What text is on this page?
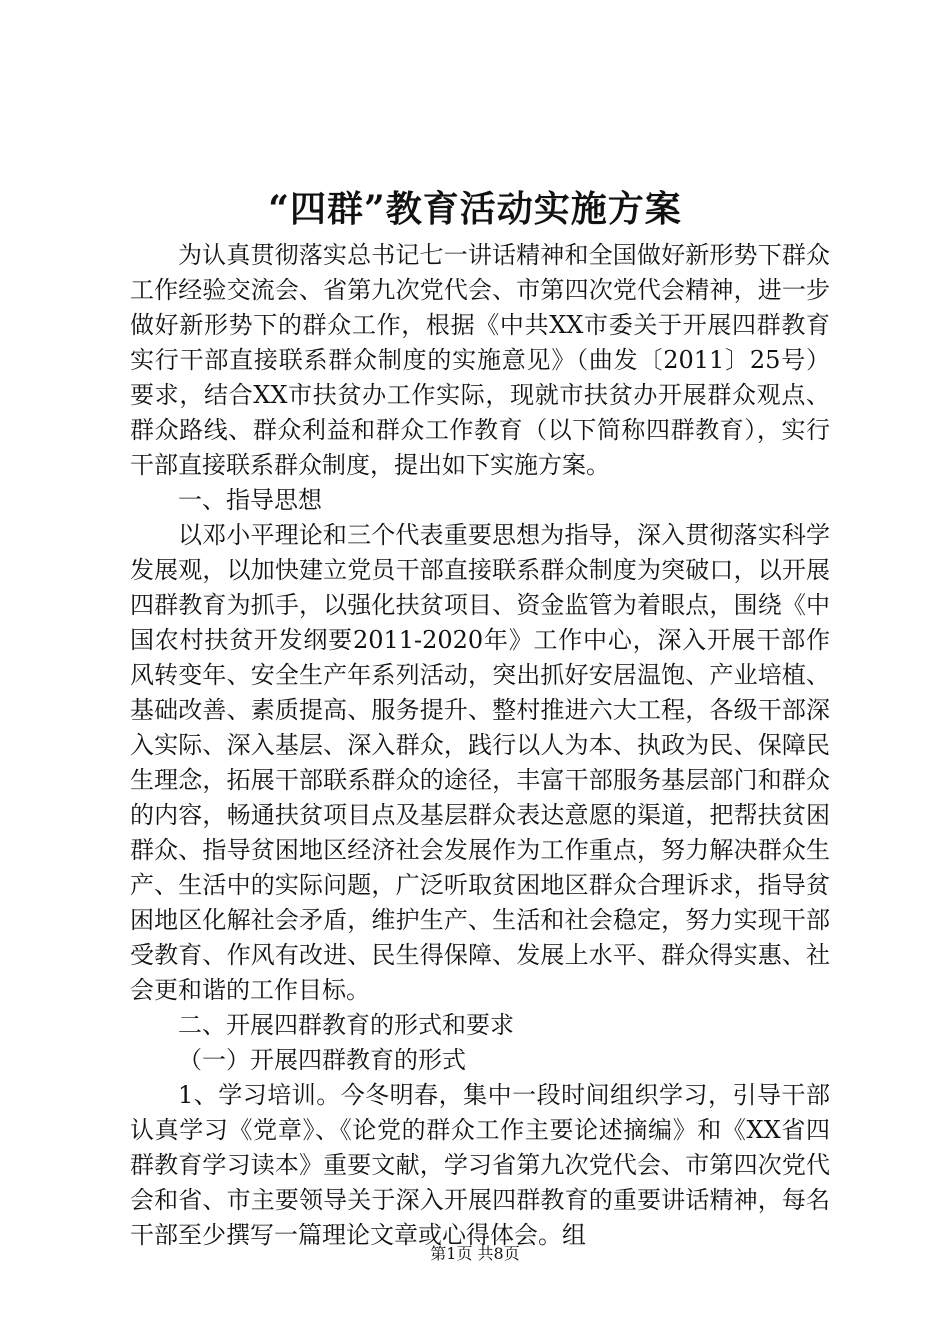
“四群”教育活动实施方案

为认真贯彻落实总书记七一讲话精神和全国做好新形势下群众工作经验交流会、省第九次党代会、市第四次党代会精神，进一步做好新形势下的群众工作，根据《中共XX市委关于开展四群教育实行干部直接联系群众制度的实施意见》（曲发〔2011〕25号）要求，结合XX市扶贫办工作实际，现就市扶贫办开展群众观点、群众路线、群众利益和群众工作教育（以下简称四群教育），实行干部直接联系群众制度，提出如下实施方案。

一、指导思想

以邓小平理论和三个代表重要思想为指导，深入贯彻落实科学发展观，以加快建立党员干部直接联系群众制度为突破口，以开展四群教育为抓手，以强化扶贫项目、资金监管为着眼点，围绕《中国农村扶贫开发纲要2011-2020年》工作中心，深入开展干部作风转变年、安全生产年系列活动，突出抓好安居温饱、产业培植、基础改善、素质提高、服务提升、整村推进六大工程，各级干部深入实际、深入基层、深入群众，践行以人为本、执政为民、保障民生理念，拓展干部联系群众的途径，丰富干部服务基层部门和群众的内容，畅通扶贫项目点及基层群众表达意愿的渠道，把帮扶贫困群众、指导贫困地区经济社会发展作为工作重点，努力解决群众生产、生活中的实际问题，广泛听取贫困地区群众合理诉求，指导贫困地区化解社会矛盾，维护生产、生活和社会稳定，努力实现干部受教育、作风有改进、民生得保障、发展上水平、群众得实惠、社会更和谐的工作目标。

二、开展四群教育的形式和要求

（一）开展四群教育的形式

1、学习培训。今冬明春，集中一段时间组织学习，引导干部认真学习《党章》、《论党的群众工作主要论述摘编》和《XX省四群教育学习读本》重要文献，学习省第九次党代会、市第四次党代会和省、市主要领导关于深入开展四群教育的重要讲话精神，每名干部至少撰写一篇理论文章或心得体会。组

第1页 共8页
